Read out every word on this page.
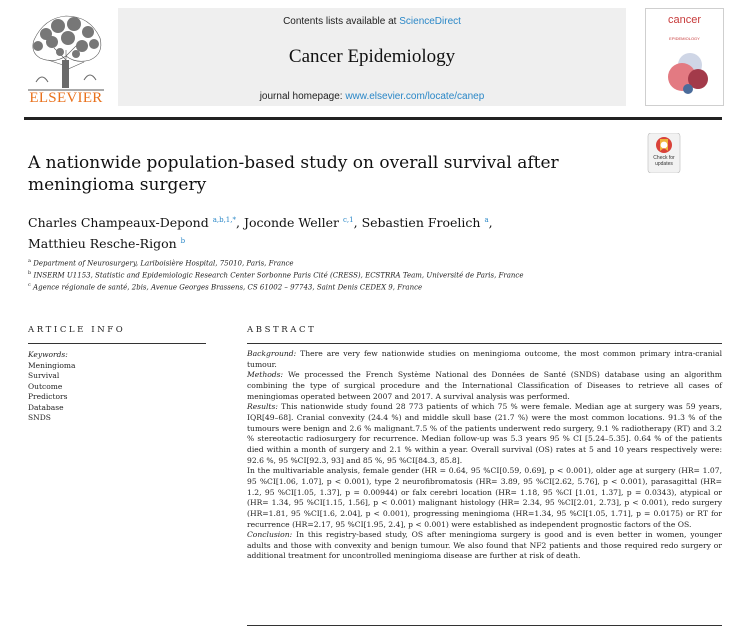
ELSEVIER
Contents lists available at ScienceDirect
Cancer Epidemiology
journal homepage: www.elsevier.com/locate/canep
cancer
EPIDEMIOLOGY
A nationwide population-based study on overall survival after meningioma surgery
Check for updates
Charles Champeaux-Depond $^{a,b,1,*}$, Joconde Weller $^{c,1}$, Sebastien Froelich $^a$,
Matthieu Resche-Rigon $^b$
$^a$ Department of Neurosurgery, Lariboisière Hospital, 75010, Paris, France
$^b$ INSERM U1153, Statistic and Epidemiologic Research Center Sorbonne Paris Cité (CRESS), ECSTRRA Team, Université de Paris, France
$^c$ Agence régionale de santé, 2bis, Avenue Georges Brassens, CS 61002 – 97743, Saint Denis CEDEX 9, France
ARTICLE INFO
Keywords:
Meningioma
Survival
Outcome
Predictors
Database
SNDS
ABSTRACT

Background: There are very few nationwide studies on meningioma outcome, the most common primary intra-cranial tumour.

Methods: We processed the French Système National des Données de Santé (SNDS) database using an algorithm combining the type of surgical procedure and the International Classification of Diseases to retrieve all cases of meningiomas operated between 2007 and 2017. A survival analysis was performed.

Results: This nationwide study found 28 773 patients of which 75 % were female. Median age at surgery was 59 years, IQR[49–68]. Cranial convexity (24.4 %) and middle skull base (21.7 %) were the most common locations. 91.3 % of the tumours were benign and 2.6 % malignant.7.5 % of the patients underwent redo surgery, 9.1 % radiotherapy (RT) and 3.2 % stereotactic radiosurgery for recurrence. Median follow-up was 5.3 years 95 % CI [5.24–5.35]. 0.64 % of the patients died within a month of surgery and 2.1 % within a year. Overall survival (OS) rates at 5 and 10 years respectively were: 92.6 %, 95 %CI[92.3, 93] and 85 %, 95 %CI[84.3, 85.8].

In the multivariable analysis, female gender (HR = 0.64, 95 %CI[0.59, 0.69], p < 0.001), older age at surgery (HR= 1.07, 95 %CI[1.06, 1.07], p < 0.001), type 2 neurofibromatosis (HR= 3.89, 95 %CI[2.62, 5.76], p < 0.001), parasagittal (HR= 1.2, 95 %CI[1.05, 1.37], p = 0.00944) or falx cerebri location (HR= 1.18, 95 %CI [1.01, 1.37], p = 0.0343), atypical or (HR= 1.34, 95 %CI[1.15, 1.56], p < 0.001) malignant histology (HR= 2.34, 95 %CI[2.01, 2.73], p < 0.001), redo surgery (HR=1.81, 95 %CI[1.6, 2.04], p < 0.001), progressing meningioma (HR=1.34, 95 %CI[1.05, 1.71], p = 0.0175) or RT for recurrence (HR=2.17, 95 %CI[1.95, 2.4], p < 0.001) were established as independent prognostic factors of the OS.

Conclusion: In this registry-based study, OS after meningioma surgery is good and is even better in women, younger adults and those with convexity and benign tumour. We also found that NF2 patients and those required redo surgery or additional treatment for uncontrolled meningioma disease are further at risk of death.
